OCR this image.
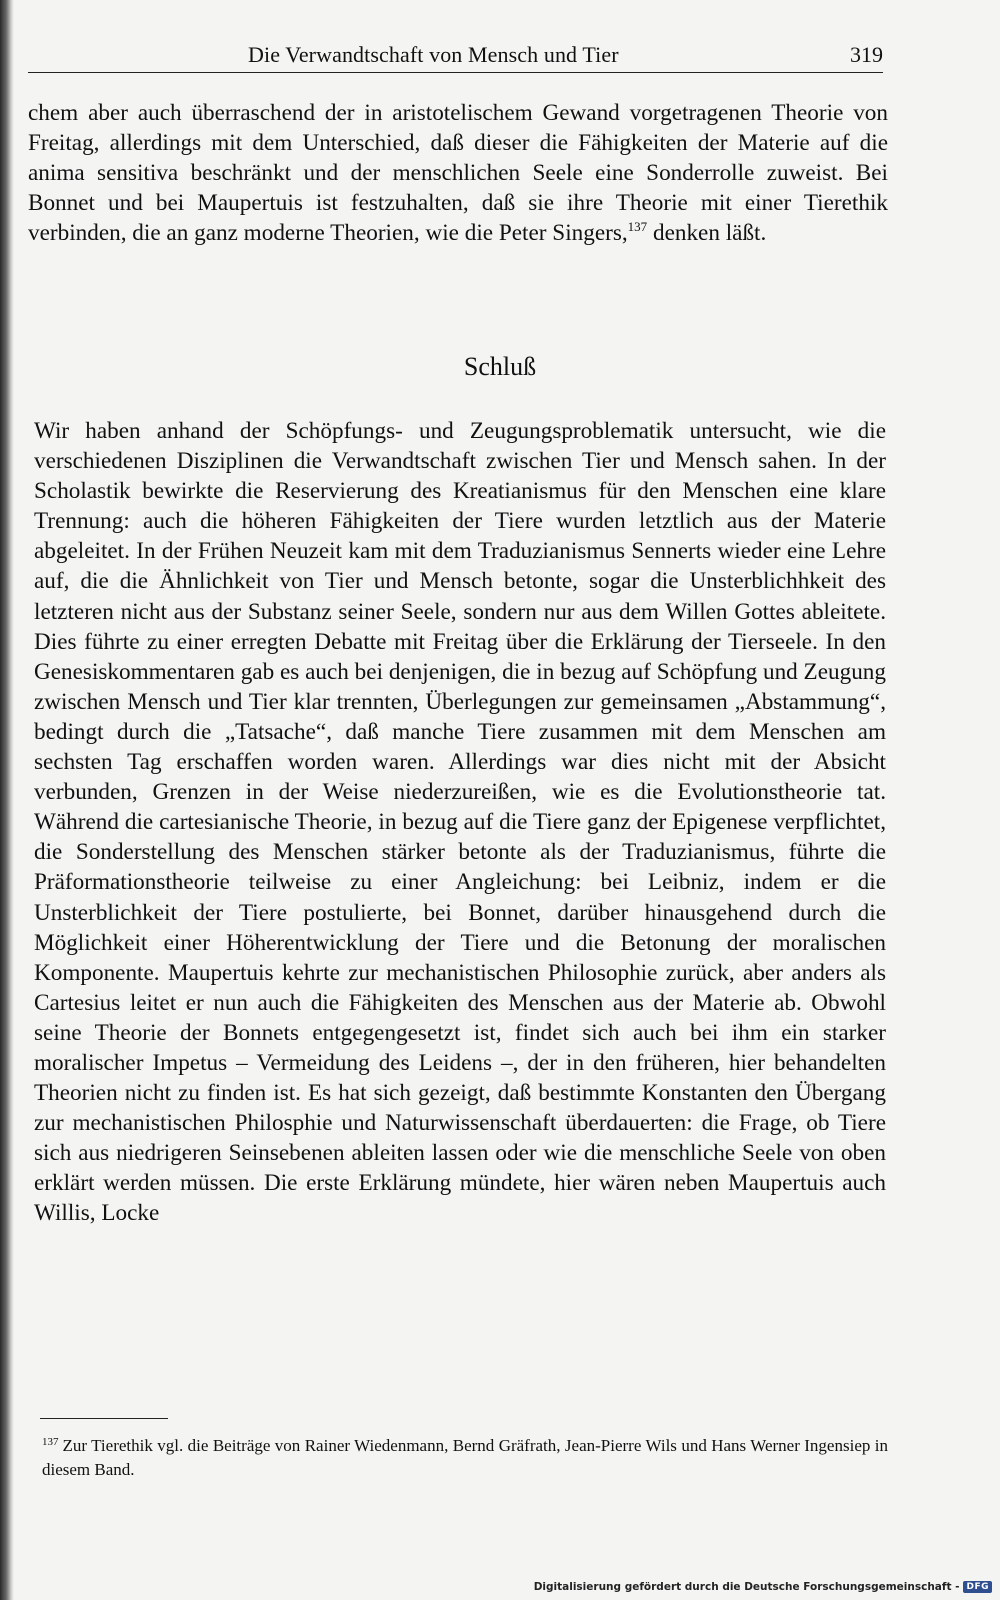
Die Verwandtschaft von Mensch und Tier	319

chem aber auch überraschend der in aristotelischem Gewand vorgetragenen Theorie von Freitag, allerdings mit dem Unterschied, daß dieser die Fähigkeiten der Materie auf die anima sensitiva beschränkt und der menschlichen Seele eine Sonderrolle zuweist. Bei Bonnet und bei Maupertuis ist festzuhalten, daß sie ihre Theorie mit einer Tierethik verbinden, die an ganz moderne Theorien, wie die Peter Singers,$^{137}$ denken läßt.

Schluß

Wir haben anhand der Schöpfungs- und Zeugungsproblematik untersucht, wie die verschiedenen Disziplinen die Verwandtschaft zwischen Tier und Mensch sahen. In der Scholastik bewirkte die Reservierung des Kreatianismus für den Menschen eine klare Trennung: auch die höheren Fähigkeiten der Tiere wurden letztlich aus der Materie abgeleitet. In der Frühen Neuzeit kam mit dem Traduzianismus Sennerts wieder eine Lehre auf, die die Ähnlichkeit von Tier und Mensch betonte, sogar die Unsterblichhkeit des letzteren nicht aus der Substanz seiner Seele, sondern nur aus dem Willen Gottes ableitete. Dies führte zu einer erregten Debatte mit Freitag über die Erklärung der Tierseele. In den Genesiskommentaren gab es auch bei denjenigen, die in bezug auf Schöpfung und Zeugung zwischen Mensch und Tier klar trennten, Überlegungen zur gemeinsamen „Abstammung“, bedingt durch die „Tatsache“, daß manche Tiere zusammen mit dem Menschen am sechsten Tag erschaffen worden waren. Allerdings war dies nicht mit der Absicht verbunden, Grenzen in der Weise niederzureißen, wie es die Evolutionstheorie tat. Während die cartesianische Theorie, in bezug auf die Tiere ganz der Epigenese verpflichtet, die Sonderstellung des Menschen stärker betonte als der Traduzianismus, führte die Präformationstheorie teilweise zu einer Angleichung: bei Leibniz, indem er die Unsterblichkeit der Tiere postulierte, bei Bonnet, darüber hinausgehend durch die Möglichkeit einer Höherentwicklung der Tiere und die Betonung der moralischen Komponente. Maupertuis kehrte zur mechanistischen Philosophie zurück, aber anders als Cartesius leitet er nun auch die Fähigkeiten des Menschen aus der Materie ab. Obwohl seine Theorie der Bonnets entgegengesetzt ist, findet sich auch bei ihm ein starker moralischer Impetus – Vermeidung des Leidens –, der in den früheren, hier behandelten Theorien nicht zu finden ist. Es hat sich gezeigt, daß bestimmte Konstanten den Übergang zur mechanistischen Philosphie und Naturwissenschaft überdauerten: die Frage, ob Tiere sich aus niedrigeren Seinsebenen ableiten lassen oder wie die menschliche Seele von oben erklärt werden müssen. Die erste Erklärung mündete, hier wären neben Maupertuis auch Willis, Locke

$^{137}$ Zur Tierethik vgl. die Beiträge von Rainer Wiedenmann, Bernd Gräfrath, Jean-Pierre Wils und Hans Werner Ingensiep in diesem Band.
Digitalisierung gefördert durch die Deutsche Forschungsgemeinschaft - DFG
